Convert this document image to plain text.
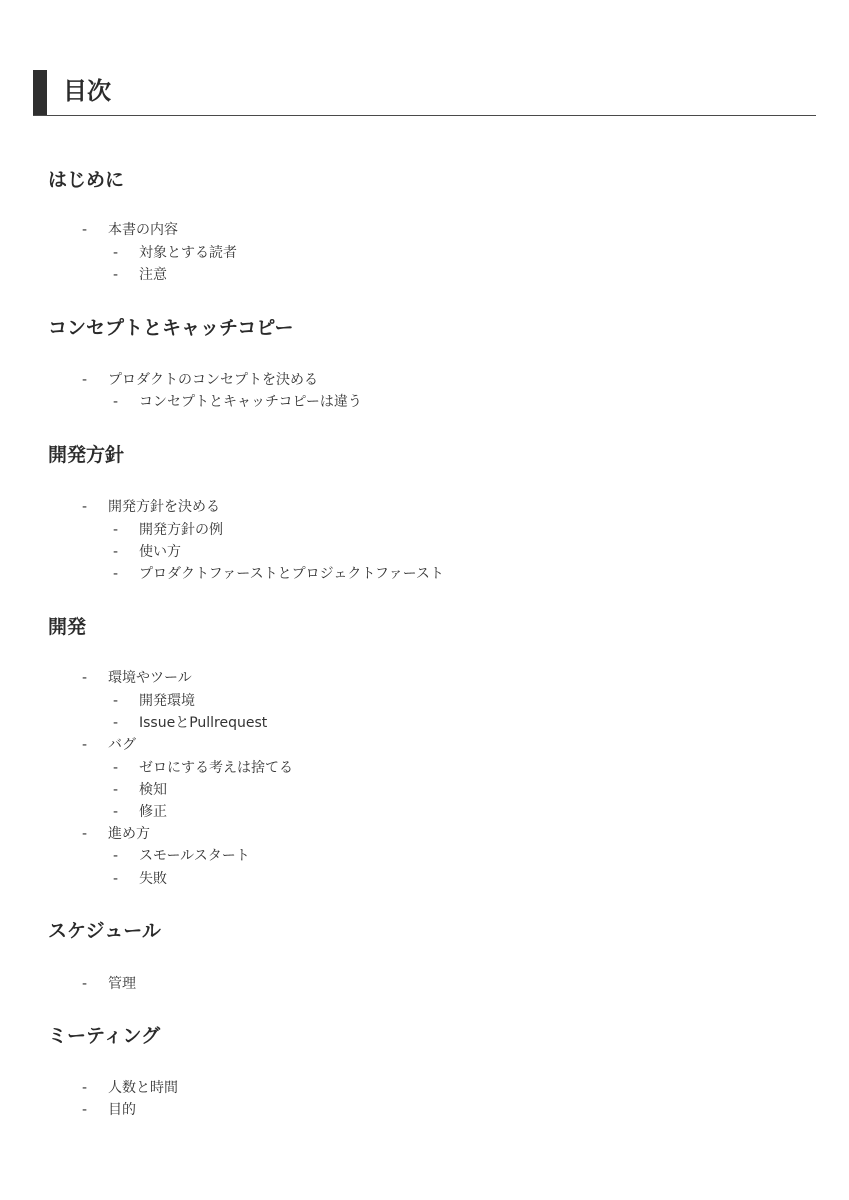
目次
はじめに
- 本書の内容
- 対象とする読者
- 注意
コンセプトとキャッチコピー
- プロダクトのコンセプトを決める
- コンセプトとキャッチコピーは違う
開発方針
- 開発方針を決める
- 開発方針の例
- 使い方
- プロダクトファーストとプロジェクトファースト
開発
- 環境やツール
- 開発環境
- IssueとPullrequest
- バグ
- ゼロにする考えは捨てる
- 検知
- 修正
- 進め方
- スモールスタート
- 失敗
スケジュール
- 管理
ミーティング
- 人数と時間
- 目的
